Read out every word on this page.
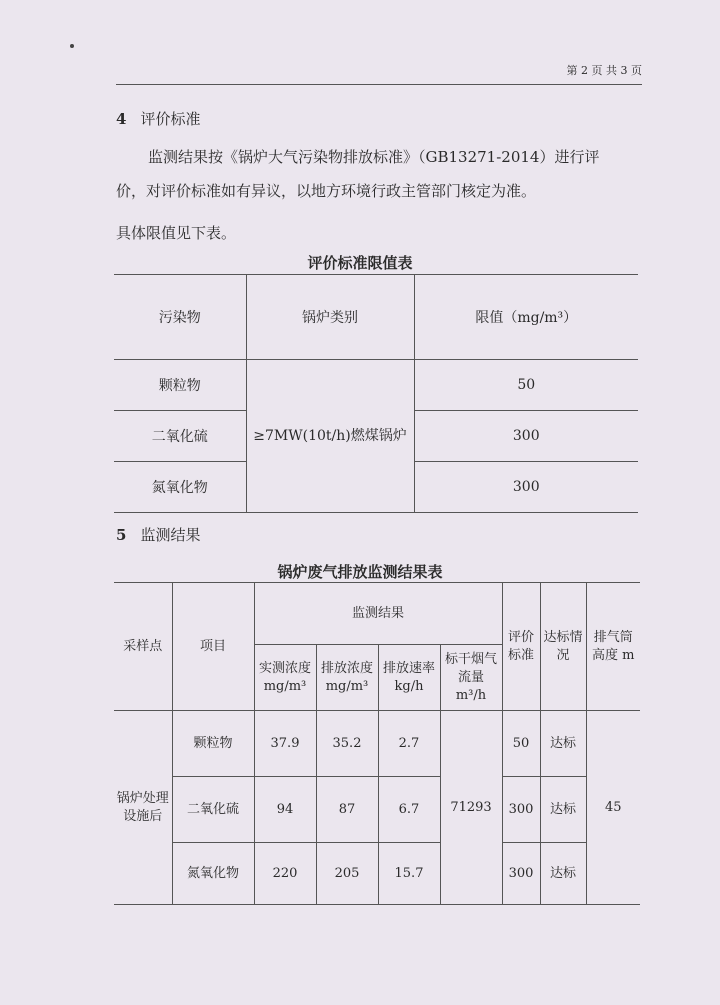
第 2 页 共 3 页
4 评价标准
监测结果按《锅炉大气污染物排放标准》（GB13271-2014）进行评
价，对评价标准如有异议，以地方环境行政主管部门核定为准。
具体限值见下表。
评价标准限值表
污染物	锅炉类别	限值（mg/m³）
颗粒物	≥7MW(10t/h)燃煤锅炉	50
二氧化硫		300
氮氧化物		300
5 监测结果
锅炉废气排放监测结果表
采样点	项目	监测结果				评价标准	达标情况	排气筒高度 m
		实测浓度 mg/m³	排放浓度 mg/m³	排放速率 kg/h	标干烟气流量 m³/h			
锅炉处理设施后	颗粒物	37.9	35.2	2.7	71293	50	达标	45
	二氧化硫	94	87	6.7		300	达标	
	氮氧化物	220	205	15.7		300	达标	
